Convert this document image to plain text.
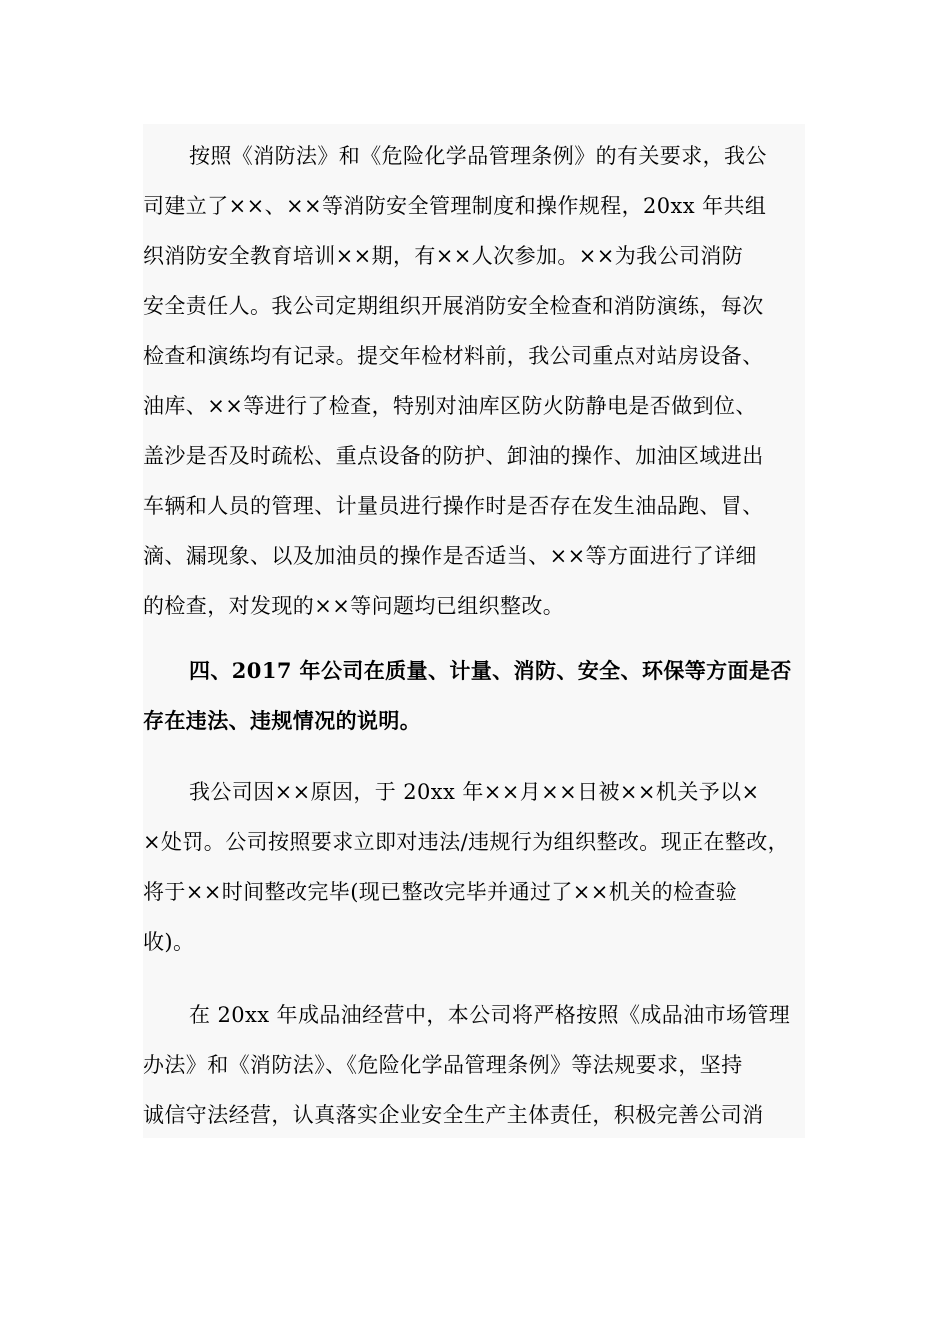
按照《消防法》和《危险化学品管理条例》的有关要求，我公
司建立了××、××等消防安全管理制度和操作规程，20xx 年共组
织消防安全教育培训××期，有××人次参加。××为我公司消防
安全责任人。我公司定期组织开展消防安全检查和消防演练，每次
检查和演练均有记录。提交年检材料前，我公司重点对站房设备、
油库、××等进行了检查，特别对油库区防火防静电是否做到位、
盖沙是否及时疏松、重点设备的防护、卸油的操作、加油区域进出
车辆和人员的管理、计量员进行操作时是否存在发生油品跑、冒、
滴、漏现象、以及加油员的操作是否适当、××等方面进行了详细
的检查，对发现的××等问题均已组织整改。
四、2017 年公司在质量、计量、消防、安全、环保等方面是否
存在违法、违规情况的说明。
我公司因××原因，于 20xx 年××月××日被××机关予以×
×处罚。公司按照要求立即对违法/违规行为组织整改。现正在整改，
将于××时间整改完毕(现已整改完毕并通过了××机关的检查验
收)。
在 20xx 年成品油经营中，本公司将严格按照《成品油市场管理
办法》和《消防法》、《危险化学品管理条例》等法规要求，坚持
诚信守法经营，认真落实企业安全生产主体责任，积极完善公司消
